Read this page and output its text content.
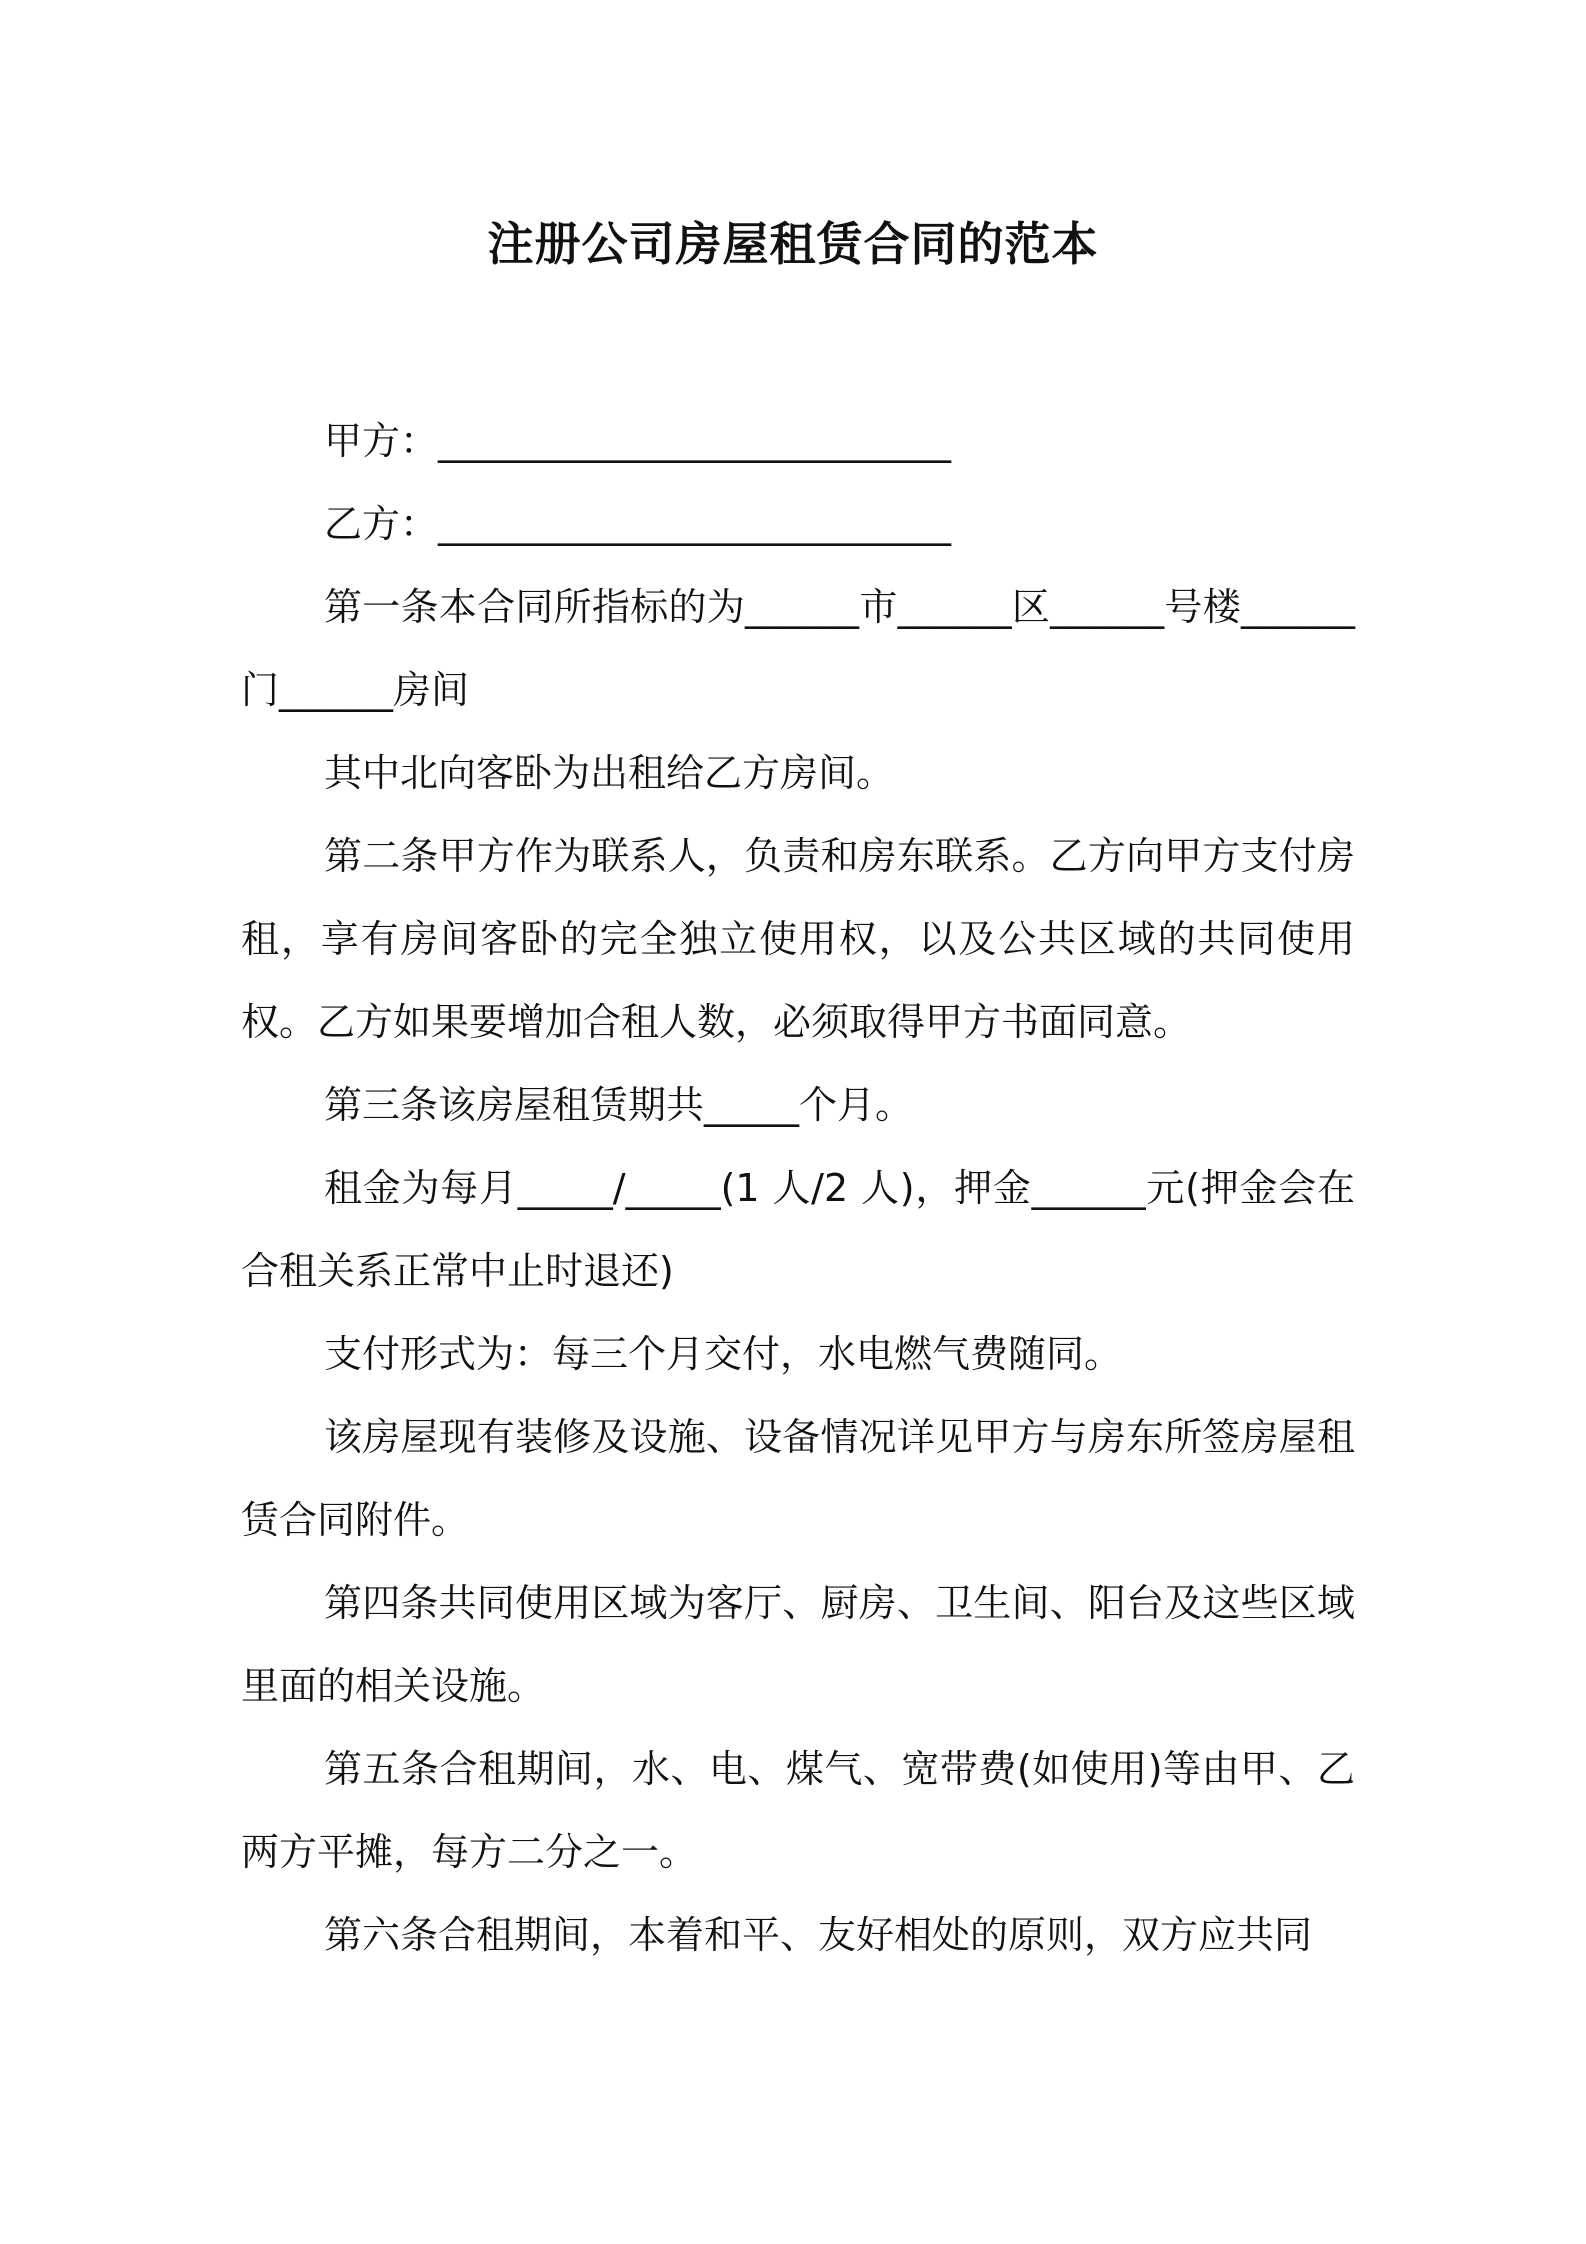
注册公司房屋租赁合同的范本

甲方：___________________________

乙方：___________________________

第一条本合同所指标的为______市______区______号楼______门______房间

其中北向客卧为出租给乙方房间。

第二条甲方作为联系人，负责和房东联系。乙方向甲方支付房租，享有房间客卧的完全独立使用权，以及公共区域的共同使用权。乙方如果要增加合租人数，必须取得甲方书面同意。

第三条该房屋租赁期共_____个月。

租金为每月_____/_____(1 人/2 人)，押金______元(押金会在合租关系正常中止时退还)

支付形式为：每三个月交付，水电燃气费随同。

该房屋现有装修及设施、设备情况详见甲方与房东所签房屋租赁合同附件。

第四条共同使用区域为客厅、厨房、卫生间、阳台及这些区域里面的相关设施。

第五条合租期间，水、电、煤气、宽带费(如使用)等由甲、乙两方平摊，每方二分之一。

第六条合租期间，本着和平、友好相处的原则，双方应共同
